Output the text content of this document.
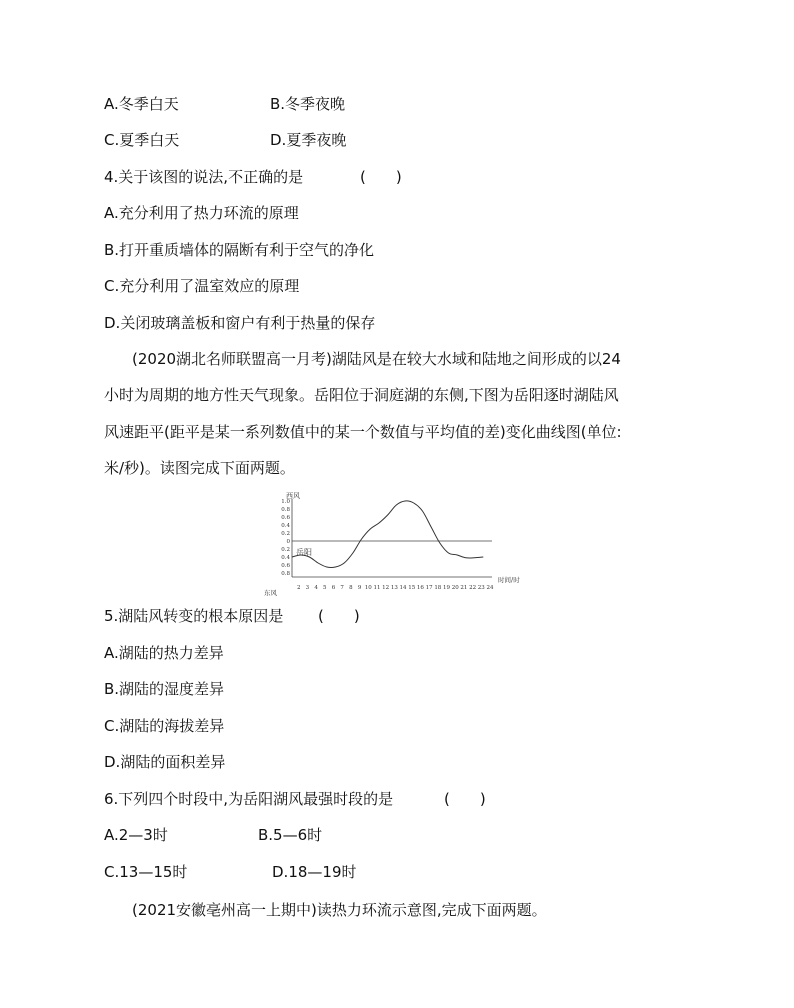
A.冬季白天	B.冬季夜晚
C.夏季白天	D.夏季夜晚
4.关于该图的说法,不正确的是	(　　)
A.充分利用了热力环流的原理
B.打开重质墙体的隔断有利于空气的净化
C.充分利用了温室效应的原理
D.关闭玻璃盖板和窗户有利于热量的保存
(2020湖北名师联盟高一月考)湖陆风是在较大水域和陆地之间形成的以24
小时为周期的地方性天气现象。岳阳位于洞庭湖的东侧,下图为岳阳逐时湖陆风
风速距平(距平是某一系列数值中的某一个数值与平均值的差)变化曲线图(单位:
米/秒)。读图完成下面两题。
西风
1.0
0.8
0.6
0.4
0.2
0
0.2
0.4
0.6
0.8
2 3 4 5 6 7 8 9 10 11 12 13 14 15 16 17 18 19 20 21 22 23 24
岳阳
东风
时间/时
5.湖陆风转变的根本原因是 (　　)
A.湖陆的热力差异
B.湖陆的湿度差异
C.湖陆的海拔差异
D.湖陆的面积差异
6.下列四个时段中,为岳阳湖风最强时段的是	(　　)
A.2—3时	B.5—6时
C.13—15时	D.18—19时
(2021安徽亳州高一上期中)读热力环流示意图,完成下面两题。
